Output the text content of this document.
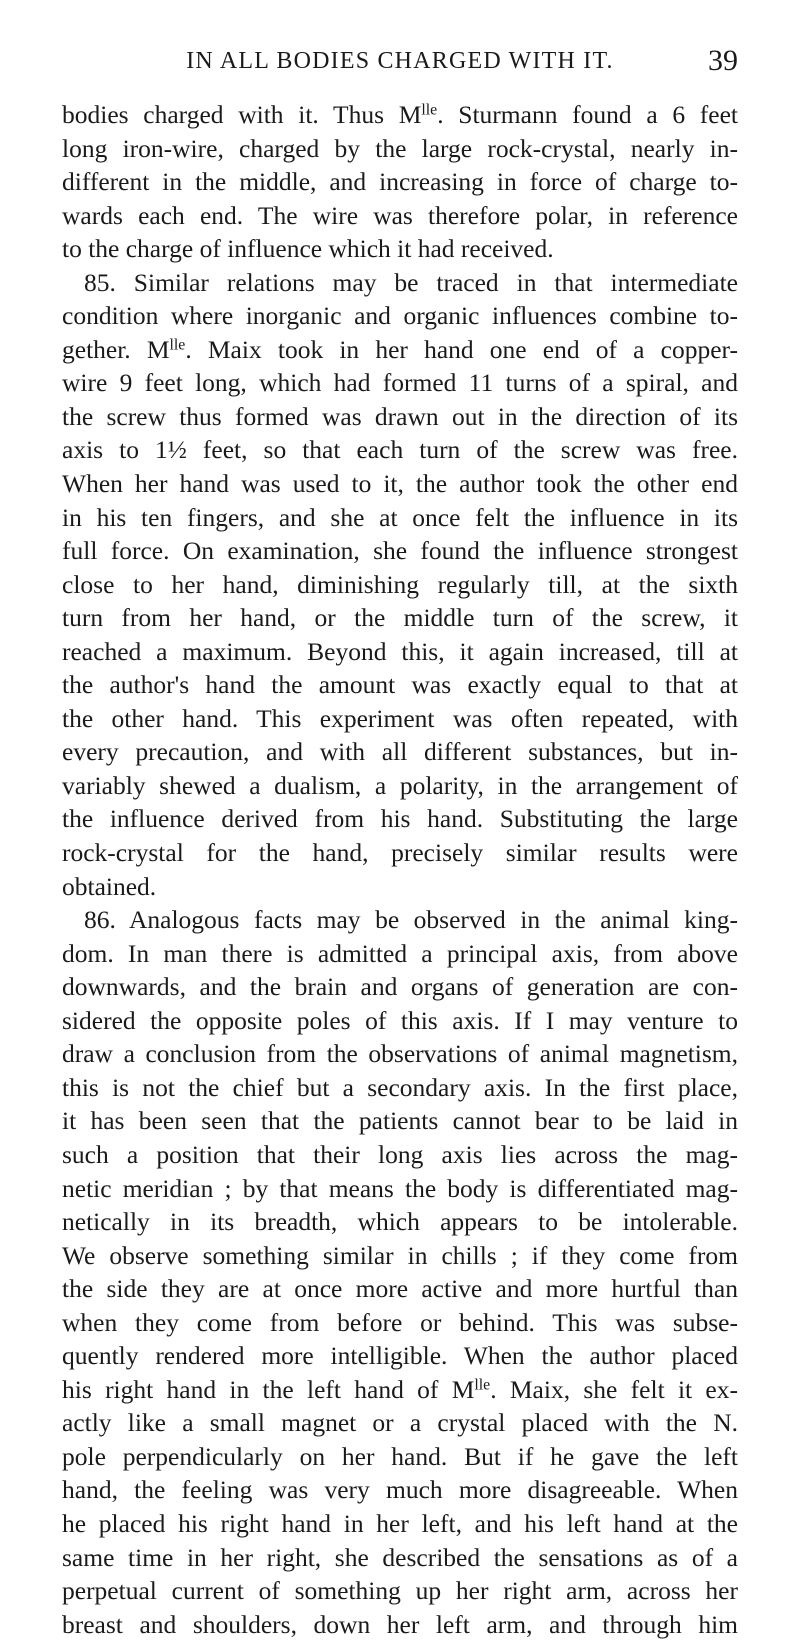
IN ALL BODIES CHARGED WITH IT.	39
bodies charged with it. Thus $M^{lle}$. Sturmann found a 6 feet
long iron-wire, charged by the large rock-crystal, nearly in-
different in the middle, and increasing in force of charge to-
wards each end. The wire was therefore polar, in reference
to the charge of influence which it had received.
85. Similar relations may be traced in that intermediate
condition where inorganic and organic influences combine to-
gether. $M^{lle}$. Maix took in her hand one end of a copper-
wire 9 feet long, which had formed 11 turns of a spiral, and
the screw thus formed was drawn out in the direction of its
axis to 1½ feet, so that each turn of the screw was free.
When her hand was used to it, the author took the other end
in his ten fingers, and she at once felt the influence in its
full force. On examination, she found the influence strongest
close to her hand, diminishing regularly till, at the sixth
turn from her hand, or the middle turn of the screw, it
reached a maximum. Beyond this, it again increased, till at
the author's hand the amount was exactly equal to that at
the other hand. This experiment was often repeated, with
every precaution, and with all different substances, but in-
variably shewed a dualism, a polarity, in the arrangement of
the influence derived from his hand. Substituting the large
rock-crystal for the hand, precisely similar results were
obtained.
86. Analogous facts may be observed in the animal king-
dom. In man there is admitted a principal axis, from above
downwards, and the brain and organs of generation are con-
sidered the opposite poles of this axis. If I may venture to
draw a conclusion from the observations of animal magnetism,
this is not the chief but a secondary axis. In the first place,
it has been seen that the patients cannot bear to be laid in
such a position that their long axis lies across the mag-
netic meridian ; by that means the body is differentiated mag-
netically in its breadth, which appears to be intolerable.
We observe something similar in chills ; if they come from
the side they are at once more active and more hurtful than
when they come from before or behind. This was subse-
quently rendered more intelligible. When the author placed
his right hand in the left hand of $M^{lle}$. Maix, she felt it ex-
actly like a small magnet or a crystal placed with the N.
pole perpendicularly on her hand. But if he gave the left
hand, the feeling was very much more disagreeable. When
he placed his right hand in her left, and his left hand at the
same time in her right, she described the sensations as of a
perpetual current of something up her right arm, across her
breast and shoulders, down her left arm, and through him
